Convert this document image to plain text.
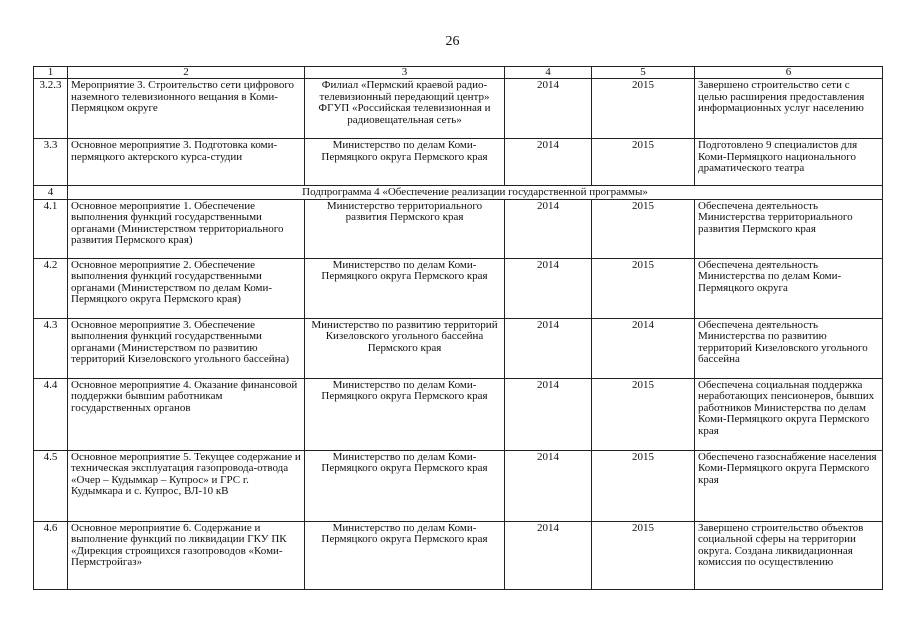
26
1	2	3	4	5	6
3.2.3	Мероприятие 3. Строительство сети цифрового наземного телевизионного вещания в Коми-Пермяцком округе	Филиал «Пермский краевой радио-телевизионный передающий центр» ФГУП «Российская телевизионная и радиовещательная сеть»	2014	2015	Завершено строительство сети с целью расширения предоставления информационных услуг населению
3.3	Основное мероприятие 3. Подготовка коми-пермяцкого актерского курса-студии	Министерство по делам Коми-Пермяцкого округа Пермского края	2014	2015	Подготовлено 9 специалистов для Коми-Пермяцкого национального драматического театра
4	Подпрограмма 4 «Обеспечение реализации государственной программы»				
4.1	Основное мероприятие 1. Обеспечение выполнения функций государственными органами (Министерством территориального развития Пермского края)	Министерство территориального развития Пермского края	2014	2015	Обеспечена деятельность Министерства территориального развития Пермского края
4.2	Основное мероприятие 2. Обеспечение выполнения функций государственными органами (Министерством по делам Коми-Пермяцкого округа Пермского края)	Министерство по делам Коми-Пермяцкого округа Пермского края	2014	2015	Обеспечена деятельность Министерства по делам Коми-Пермяцкого округа
4.3	Основное мероприятие 3. Обеспечение выполнения функций государственными органами (Министерством по развитию территорий Кизеловского угольного бассейна)	Министерство по развитию территорий Кизеловского угольного бассейна Пермского края	2014	2014	Обеспечена деятельность Министерства по развитию территорий Кизеловского угольного бассейна
4.4	Основное мероприятие 4. Оказание финансовой поддержки бывшим работникам государственных органов	Министерство по делам Коми-Пермяцкого округа Пермского края	2014	2015	Обеспечена социальная поддержка неработающих пенсионеров, бывших работников Министерства по делам Коми-Пермяцкого округа Пермского края
4.5	Основное мероприятие 5. Текущее содержание и техническая эксплуатация газопровода-отвода «Очер – Кудымкар – Купрос» и ГРС г. Кудымкара и с. Купрос, ВЛ-10 кВ	Министерство по делам Коми-Пермяцкого округа Пермского края	2014	2015	Обеспечено газоснабжение населения Коми-Пермяцкого округа Пермского края
4.6	Основное мероприятие 6. Содержание и выполнение функций по ликвидации ГКУ ПК «Дирекция строящихся газопроводов «Коми-Пермстройгаз»	Министерство по делам Коми-Пермяцкого округа Пермского края	2014	2015	Завершено строительство объектов социальной сферы на территории округа. Создана ликвидационная комиссия по осуществлению
